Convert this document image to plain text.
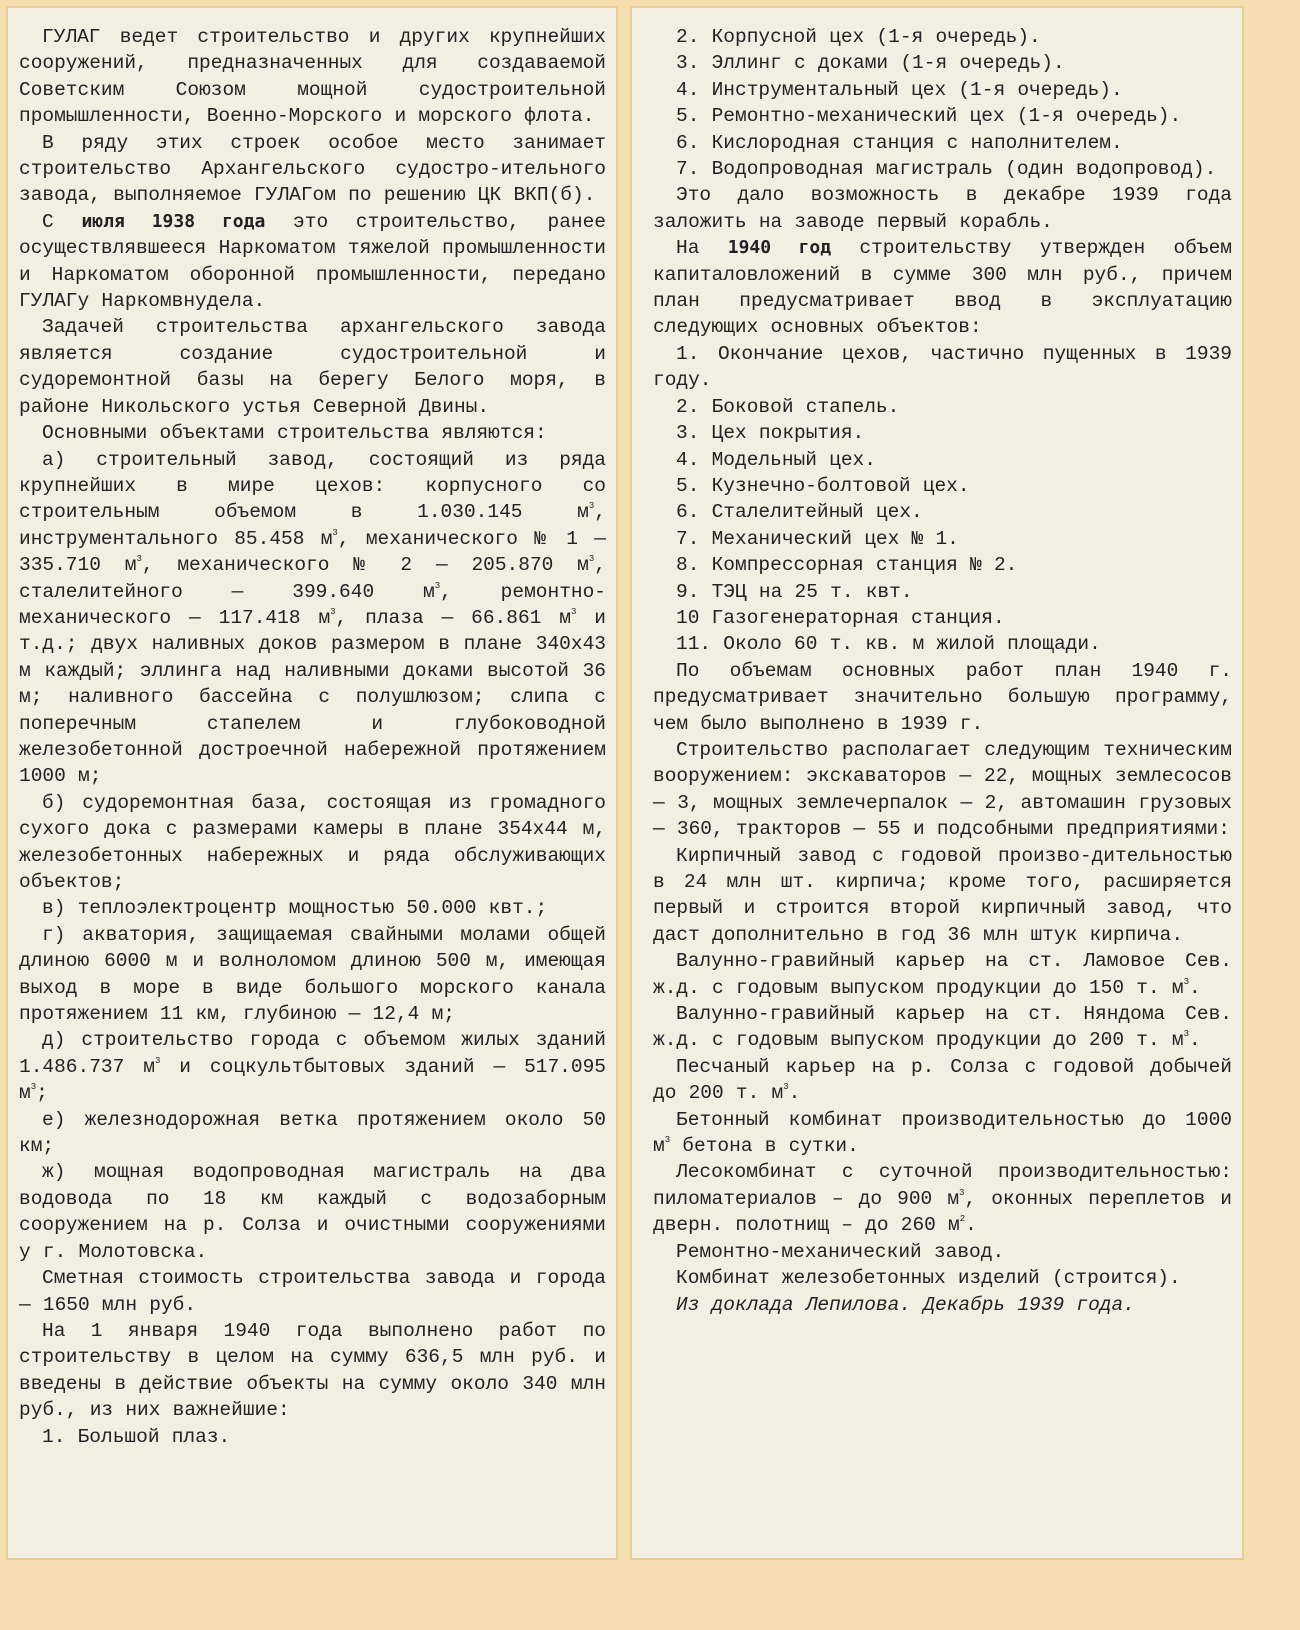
ГУЛАГ ведет строительство и других крупнейших сооружений, предназначенных для создаваемой Советским Союзом мощной судостроительной промышленности, Военно-Морского и морского флота.

В ряду этих строек особое место занимает строительство Архангельского судостро-ительного завода, выполняемое ГУЛАГом по решению ЦК ВКП(б).

С июля 1938 года это строительство, ранее осуществлявшееся Наркоматом тяжелой промышленности и Наркоматом оборонной промышленности, передано ГУЛАГу Наркомвнудела.

Задачей строительства архангельского завода является создание судостроительной и судоремонтной базы на берегу Белого моря, в районе Никольского устья Северной Двины.

Основными объектами строительства являются:

а) строительный завод, состоящий из ряда крупнейших в мире цехов: корпусного со строительным объемом в 1.030.145 $м^3$, инструментального 85.458 $м^3$, механического № 1 — 335.710 $м^3$, механического № 2 — 205.870 $м^3$, сталелитейного — 399.640 $м^3$, ремонтно-механического — 117.418 $м^3$, плаза — 66.861 $м^3$ и т.д.; двух наливных доков размером в плане 340x43 м каждый; эллинга над наливными доками высотой 36 м; наливного бассейна с полушлюзом; слипа с поперечным стапелем и глубоководной железобетонной достроечной набережной протяжением 1000 м;

б) судоремонтная база, состоящая из громадного сухого дока с размерами камеры в плане 354x44 м, железобетонных набережных и ряда обслуживающих объектов;

в) теплоэлектроцентр мощностью 50.000 квт.;

г) акватория, защищаемая свайными молами общей длиною 6000 м и волноломом длиною 500 м, имеющая выход в море в виде большого морского канала протяжением 11 км, глубиною — 12,4 м;

д) строительство города с объемом жилых зданий 1.486.737 $м^3$ и соцкультбытовых зданий — 517.095 $м^3$;

е) железнодорожная ветка протяжением около 50 км;

ж) мощная водопроводная магистраль на два водовода по 18 км каждый с водозаборным сооружением на р. Солза и очистными сооружениями у г. Молотовска.

Сметная стоимость строительства завода и города — 1650 млн руб.

На 1 января 1940 года выполнено работ по строительству в целом на сумму 636,5 млн руб. и введены в действие объекты на сумму около 340 млн руб., из них важнейшие:

1. Большой плаз.

2. Корпусной цех (1-я очередь).

3. Эллинг с доками (1-я очередь).

4. Инструментальный цех (1-я очередь).

5. Ремонтно-механический цех (1-я очередь).

6. Кислородная станция с наполнителем.

7. Водопроводная магистраль (один водопровод).

Это дало возможность в декабре 1939 года заложить на заводе первый корабль.

На 1940 год строительству утвержден объем капиталовложений в сумме 300 млн руб., причем план предусматривает ввод в эксплуатацию следующих основных объектов:

1. Окончание цехов, частично пущенных в 1939 году.

2. Боковой стапель.

3. Цех покрытия.

4. Модельный цех.

5. Кузнечно-болтовой цех.

6. Сталелитейный цех.

7. Механический цех № 1.

8. Компрессорная станция № 2.

9. ТЭЦ на 25 т. квт.

10 Газогенераторная станция.

11. Около 60 т. кв. м жилой площади.

По объемам основных работ план 1940 г. предусматривает значительно большую программу, чем было выполнено в 1939 г.

Строительство располагает следующим техническим вооружением: экскаваторов — 22, мощных землесосов — 3, мощных землечерпалок — 2, автомашин грузовых — 360, тракторов — 55 и подсобными предприятиями:

Кирпичный завод с годовой произво-дительностью в 24 млн шт. кирпича; кроме того, расширяется первый и строится второй кирпичный завод, что даст дополнительно в год 36 млн штук кирпича.

Валунно-гравийный карьер на ст. Ламовое Сев. ж.д. с годовым выпуском продукции до 150 т. $м^3$.

Валунно-гравийный карьер на ст. Няндома Сев. ж.д. с годовым выпуском продукции до 200 т. $м^3$.

Песчаный карьер на р. Солза с годовой добычей до 200 т. $м^3$.

Бетонный комбинат производительностью до 1000 $м^3$ бетона в сутки.

Лесокомбинат с суточной производительностью: пиломатериалов – до 900 $м^3$, оконных переплетов и дверн. полотнищ – до 260 $м^2$.

Ремонтно-механический завод.

Комбинат железобетонных изделий (строится).

Из доклада Лепилова. Декабрь 1939 года.
